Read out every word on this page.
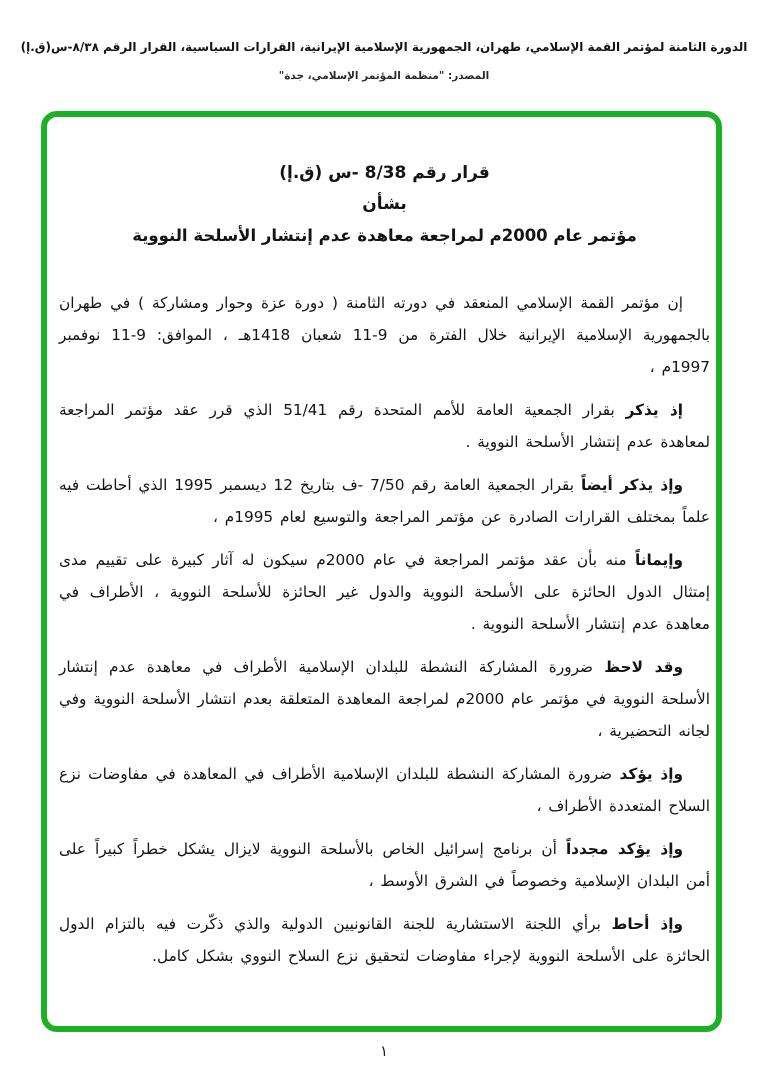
الدورة الثامنة لمؤتمر القمة الإسلامي، طهران، الجمهورية الإسلامية الإيرانية، القرارات السياسية، القرار الرقم ٨/٣٨-س(ق.إ)
المصدر: "منظمة المؤتمر الإسلامي، جدة"
قرار رقم 8/38 -س (ق.إ)
بشأن
مؤتمر عام 2000م لمراجعة معاهدة عدم إنتشار الأسلحة النووية

إن مؤتمر القمة الإسلامي المنعقد في دورته الثامنة ( دورة عزة وحوار ومشاركة ) في طهران بالجمهورية الإسلامية الإيرانية خلال الفترة من 9-11 شعبان 1418هـ ، الموافق: 9-11 نوفمبر 1997م ،

إذ يذكر بقرار الجمعية العامة للأمم المتحدة رقم 51/41 الذي قرر عقد مؤتمر المراجعة لمعاهدة عدم إنتشار الأسلحة النووية .

وإذ يذكر أيضاً بقرار الجمعية العامة رقم 7/50 -ف بتاريخ 12 ديسمبر 1995 الذي أحاطت فيه علماً بمختلف القرارات الصادرة عن مؤتمر المراجعة والتوسيع لعام 1995م ،

وإيماناً منه بأن عقد مؤتمر المراجعة في عام 2000م سيكون له آثار كبيرة على تقييم مدى إمتثال الدول الحائزة على الأسلحة النووية والدول غير الحائزة للأسلحة النووية ، الأطراف في معاهدة عدم إنتشار الأسلحة النووية .

وقد لاحظ ضرورة المشاركة النشطة للبلدان الإسلامية الأطراف في معاهدة عدم إنتشار الأسلحة النووية في مؤتمر عام 2000م لمراجعة المعاهدة المتعلقة بعدم انتشار الأسلحة النووية وفي لجانه التحضيرية ،

وإذ يؤكد ضرورة المشاركة النشطة للبلدان الإسلامية الأطراف في المعاهدة في مفاوضات نزع السلاح المتعددة الأطراف ،

وإذ يؤكد مجدداً أن برنامج إسرائيل الخاص بالأسلحة النووية لايزال يشكل خطراً كبيراً على أمن البلدان الإسلامية وخصوصاً في الشرق الأوسط ،

وإذ أحاط برأي اللجنة الاستشارية للجنة القانونيين الدولية والذي ذكّرت فيه بالتزام الدول الحائزة على الأسلحة النووية لإجراء مفاوضات لتحقيق نزع السلاح النووي بشكل كامل.

١
